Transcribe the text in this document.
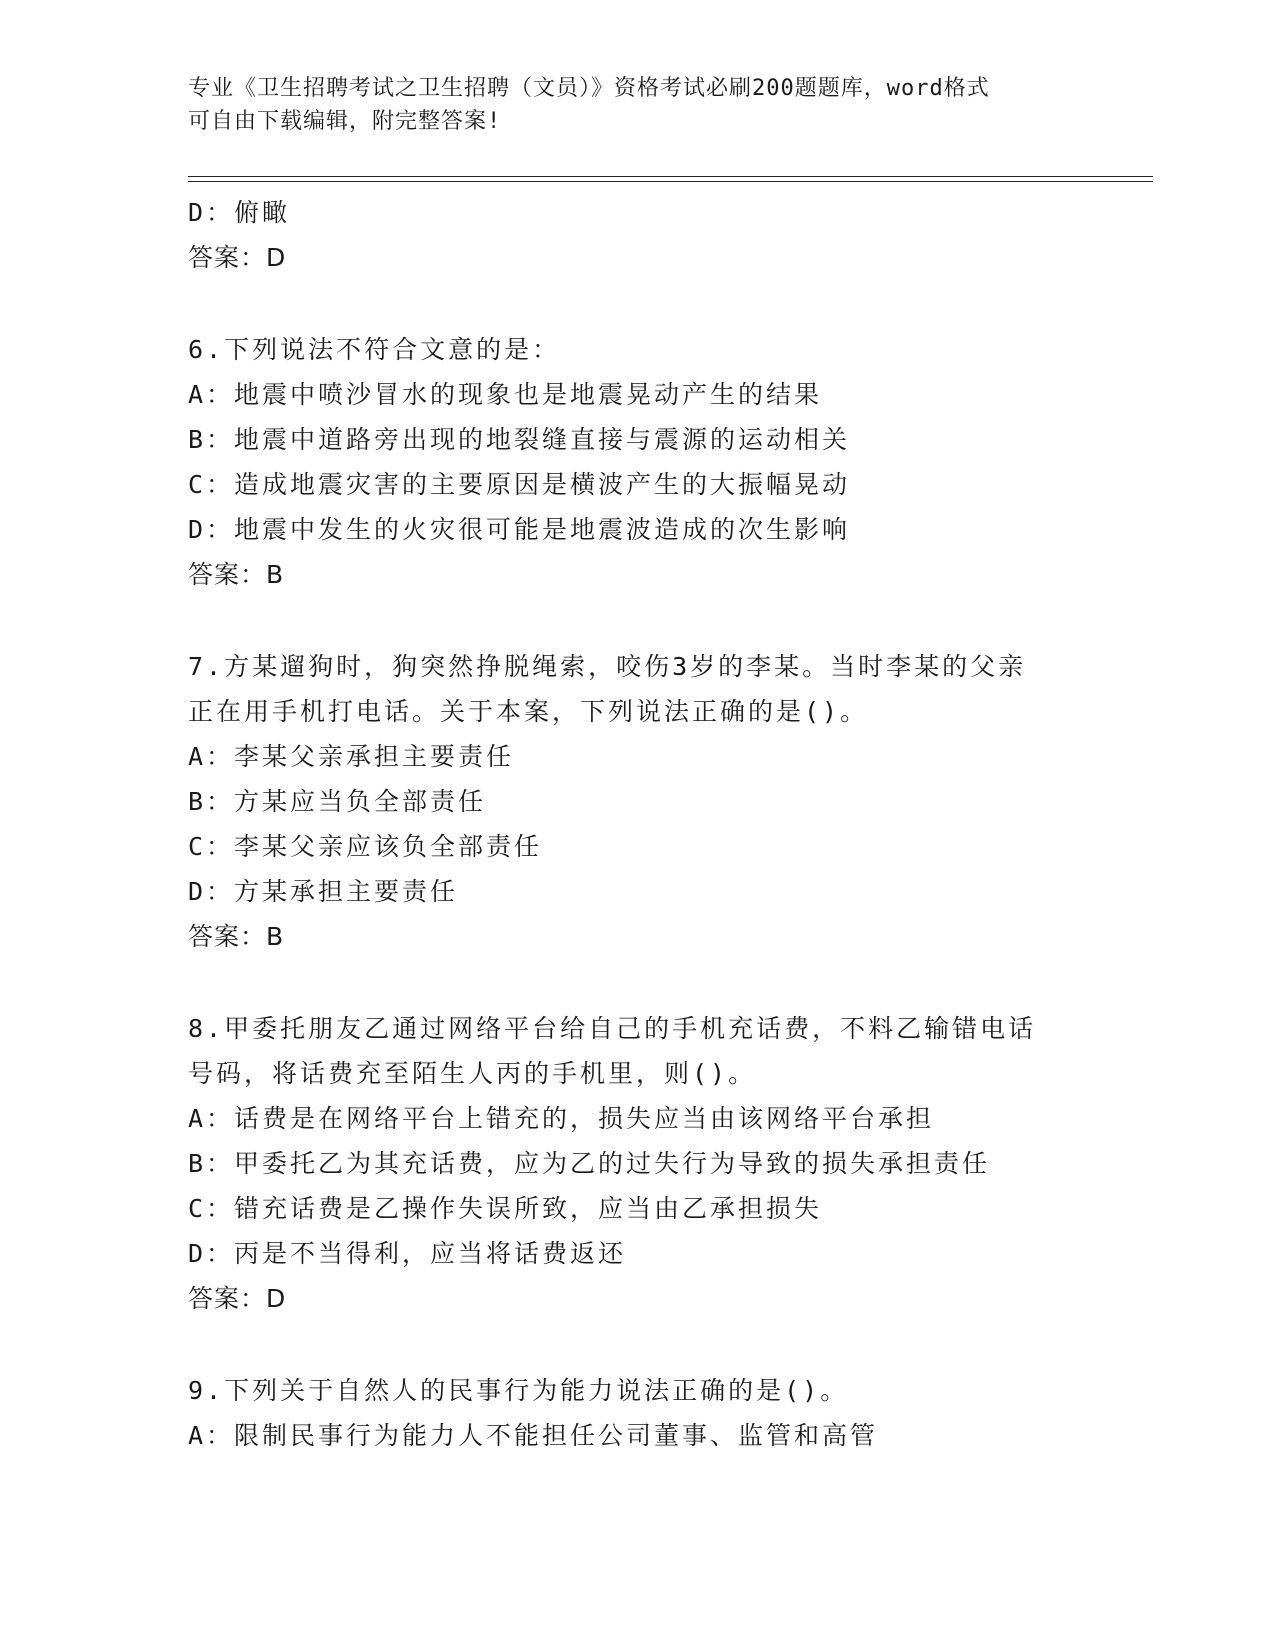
专业《卫生招聘考试之卫生招聘（文员）》资格考试必刷200题题库，word格式
可自由下载编辑，附完整答案!
D：俯瞰
答案：D
6.下列说法不符合文意的是：
A：地震中喷沙冒水的现象也是地震晃动产生的结果
B：地震中道路旁出现的地裂缝直接与震源的运动相关
C：造成地震灾害的主要原因是横波产生的大振幅晃动
D：地震中发生的火灾很可能是地震波造成的次生影响
答案：B
7.方某遛狗时，狗突然挣脱绳索，咬伤3岁的李某。当时李某的父亲
正在用手机打电话。关于本案，下列说法正确的是()。
A：李某父亲承担主要责任
B：方某应当负全部责任
C：李某父亲应该负全部责任
D：方某承担主要责任
答案：B
8.甲委托朋友乙通过网络平台给自己的手机充话费，不料乙输错电话
号码，将话费充至陌生人丙的手机里，则()。
A：话费是在网络平台上错充的，损失应当由该网络平台承担
B：甲委托乙为其充话费，应为乙的过失行为导致的损失承担责任
C：错充话费是乙操作失误所致，应当由乙承担损失
D：丙是不当得利，应当将话费返还
答案：D
9.下列关于自然人的民事行为能力说法正确的是()。
A：限制民事行为能力人不能担任公司董事、监管和高管
